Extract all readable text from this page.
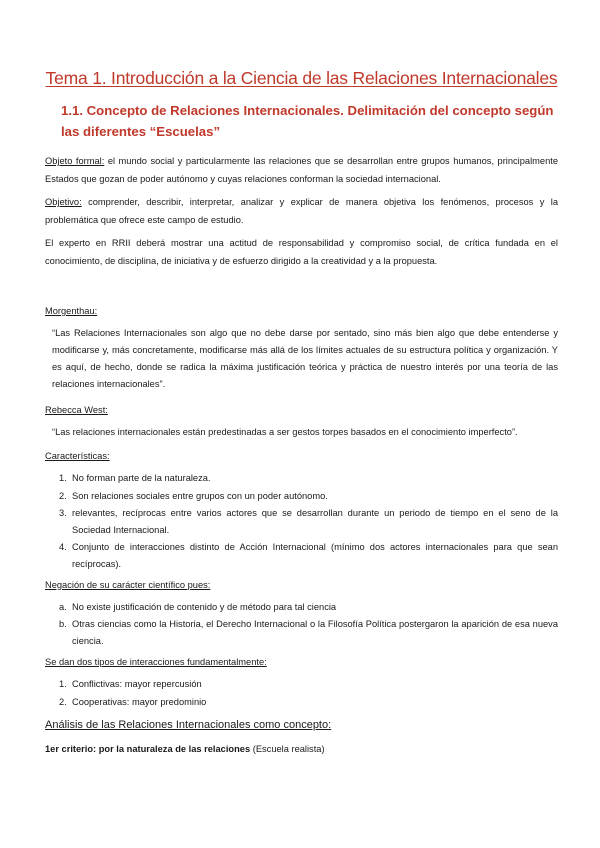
Tema 1. Introducción a la Ciencia de las Relaciones Internacionales
1.1. Concepto de Relaciones Internacionales. Delimitación del concepto según las diferentes “Escuelas”

Objeto formal: el mundo social y particularmente las relaciones que se desarrollan entre grupos humanos, principalmente Estados que gozan de poder autónomo y cuyas relaciones conforman la sociedad internacional.

Objetivo: comprender, describir, interpretar, analizar y explicar de manera objetiva los fenómenos, procesos y la problemática que ofrece este campo de estudio.

El experto en RRII deberá mostrar una actitud de responsabilidad y compromiso social, de crítica fundada en el conocimiento, de disciplina, de iniciativa y de esfuerzo dirigido a la creatividad y a la propuesta.

Morgenthau:
“Las Relaciones Internacionales son algo que no debe darse por sentado, sino más bien algo que debe entenderse y modificarse y, más concretamente, modificarse más allá de los límites actuales de su estructura política y organización. Y es aquí, de hecho, donde se radica la máxima justificación teórica y práctica de nuestro interés por una teoría de las relaciones internacionales”.
Rebecca West:
“Las relaciones internacionales están predestinadas a ser gestos torpes basados en el conocimiento imperfecto”.
Características:
1. No forman parte de la naturaleza.
2. Son relaciones sociales entre grupos con un poder autónomo.
3. relevantes, recíprocas entre varios actores que se desarrollan durante un periodo de tiempo en el seno de la Sociedad Internacional.
4. Conjunto de interacciones distinto de Acción Internacional (mínimo dos actores internacionales para que sean recíprocas).
Negación de su carácter científico pues:
a. No existe justificación de contenido y de método para tal ciencia
b. Otras ciencias como la Historia, el Derecho Internacional o la Filosofía Política postergaron la aparición de esa nueva ciencia.
Se dan dos tipos de interacciones fundamentalmente:
1. Conflictivas: mayor repercusión
2. Cooperativas: mayor predominio
Análisis de las Relaciones Internacionales como concepto:

1er criterio: por la naturaleza de las relaciones (Escuela realista)
